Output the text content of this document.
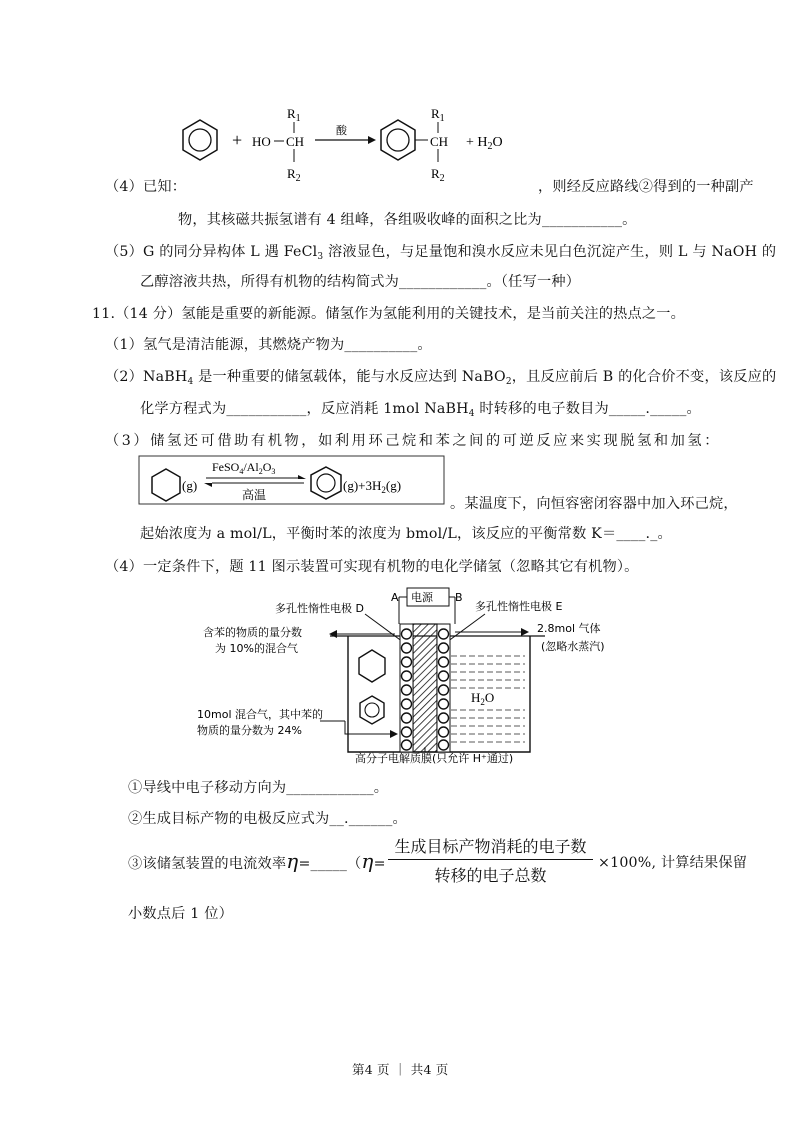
+ HO CH
$R_1$
$R_2$
酸
CH
$R_1$
$R_2$
+ $H_2O$
（4）已知：	，则经反应路线②得到的一种副产
物，其核磁共振氢谱有 4 组峰，各组吸收峰的面积之比为___________。
（5）G 的同分异构体 L 遇 FeCl$_3$ 溶液显色，与足量饱和溴水反应未见白色沉淀产生，则 L 与 NaOH 的
乙醇溶液共热，所得有机物的结构简式为____________。（任写一种）
11.（14 分）氢能是重要的新能源。储氢作为氢能利用的关键技术，是当前关注的热点之一。
（1）氢气是清洁能源，其燃烧产物为__________。
（2）NaBH$_4$ 是一种重要的储氢载体，能与水反应达到 NaBO$_2$，且反应前后 B 的化合价不变，该反应的
化学方程式为___________，反应消耗 1mol NaBH$_4$ 时转移的电子数目为_____._____。
（3）储氢还可借助有机物，如利用环己烷和苯之间的可逆反应来实现脱氢和加氢：
(g)
$FeSO_4/Al_2O_3$
高温
$(g)+3H_2(g)$
。某温度下，向恒容密闭容器中加入环己烷，
起始浓度为 a mol/L，平衡时苯的浓度为 bmol/L，该反应的平衡常数 K＝____._。
（4）一定条件下，题 11 图示装置可实现有机物的电化学储氢（忽略其它有机物）。
电源
A	B
多孔性惰性电极 D	多孔性惰性电极 E
$H_2O$
含苯的物质的量分数
为 10%的混合气
2.8mol 气体
(忽略水蒸汽)
10mol 混合气，其中苯的
物质的量分数为 24%
高分子电解质膜(只允许 H⁺通过)
①导线中电子移动方向为____________。
②生成目标产物的电极反应式为__.______。
③该储氢装置的电流效率η=_____（η=
生成目标产物消耗的电子数
转移的电子总数
×100%, 计算结果保留
小数点后 1 位）
第4 页 ｜ 共4 页
